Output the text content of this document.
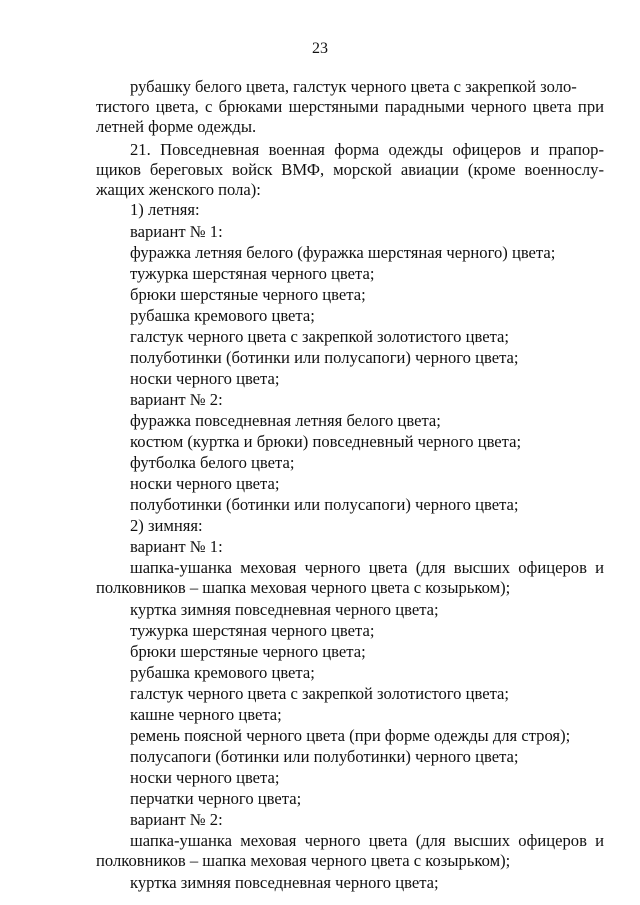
23
рубашку белого цвета, галстук черного цвета с закрепкой золо-
тистого цвета, с брюками шерстяными парадными черного цвета при
летней форме одежды.
21. Повседневная военная форма одежды офицеров и прапор-
щиков береговых войск ВМФ, морской авиации (кроме военнослу-
жащих женского пола):
1) летняя:
вариант № 1:
фуражка летняя белого (фуражка шерстяная черного) цвета;
тужурка шерстяная черного цвета;
брюки шерстяные черного цвета;
рубашка кремового цвета;
галстук черного цвета с закрепкой золотистого цвета;
полуботинки (ботинки или полусапоги) черного цвета;
носки черного цвета;
вариант № 2:
фуражка повседневная летняя белого цвета;
костюм (куртка и брюки) повседневный черного цвета;
футболка белого цвета;
носки черного цвета;
полуботинки (ботинки или полусапоги) черного цвета;
2) зимняя:
вариант № 1:
шапка-ушанка меховая черного цвета (для высших офицеров и
полковников – шапка меховая черного цвета с козырьком);
куртка зимняя повседневная черного цвета;
тужурка шерстяная черного цвета;
брюки шерстяные черного цвета;
рубашка кремового цвета;
галстук черного цвета с закрепкой золотистого цвета;
кашне черного цвета;
ремень поясной черного цвета (при форме одежды для строя);
полусапоги (ботинки или полуботинки) черного цвета;
носки черного цвета;
перчатки черного цвета;
вариант № 2:
шапка-ушанка меховая черного цвета (для высших офицеров и
полковников – шапка меховая черного цвета с козырьком);
куртка зимняя повседневная черного цвета;
